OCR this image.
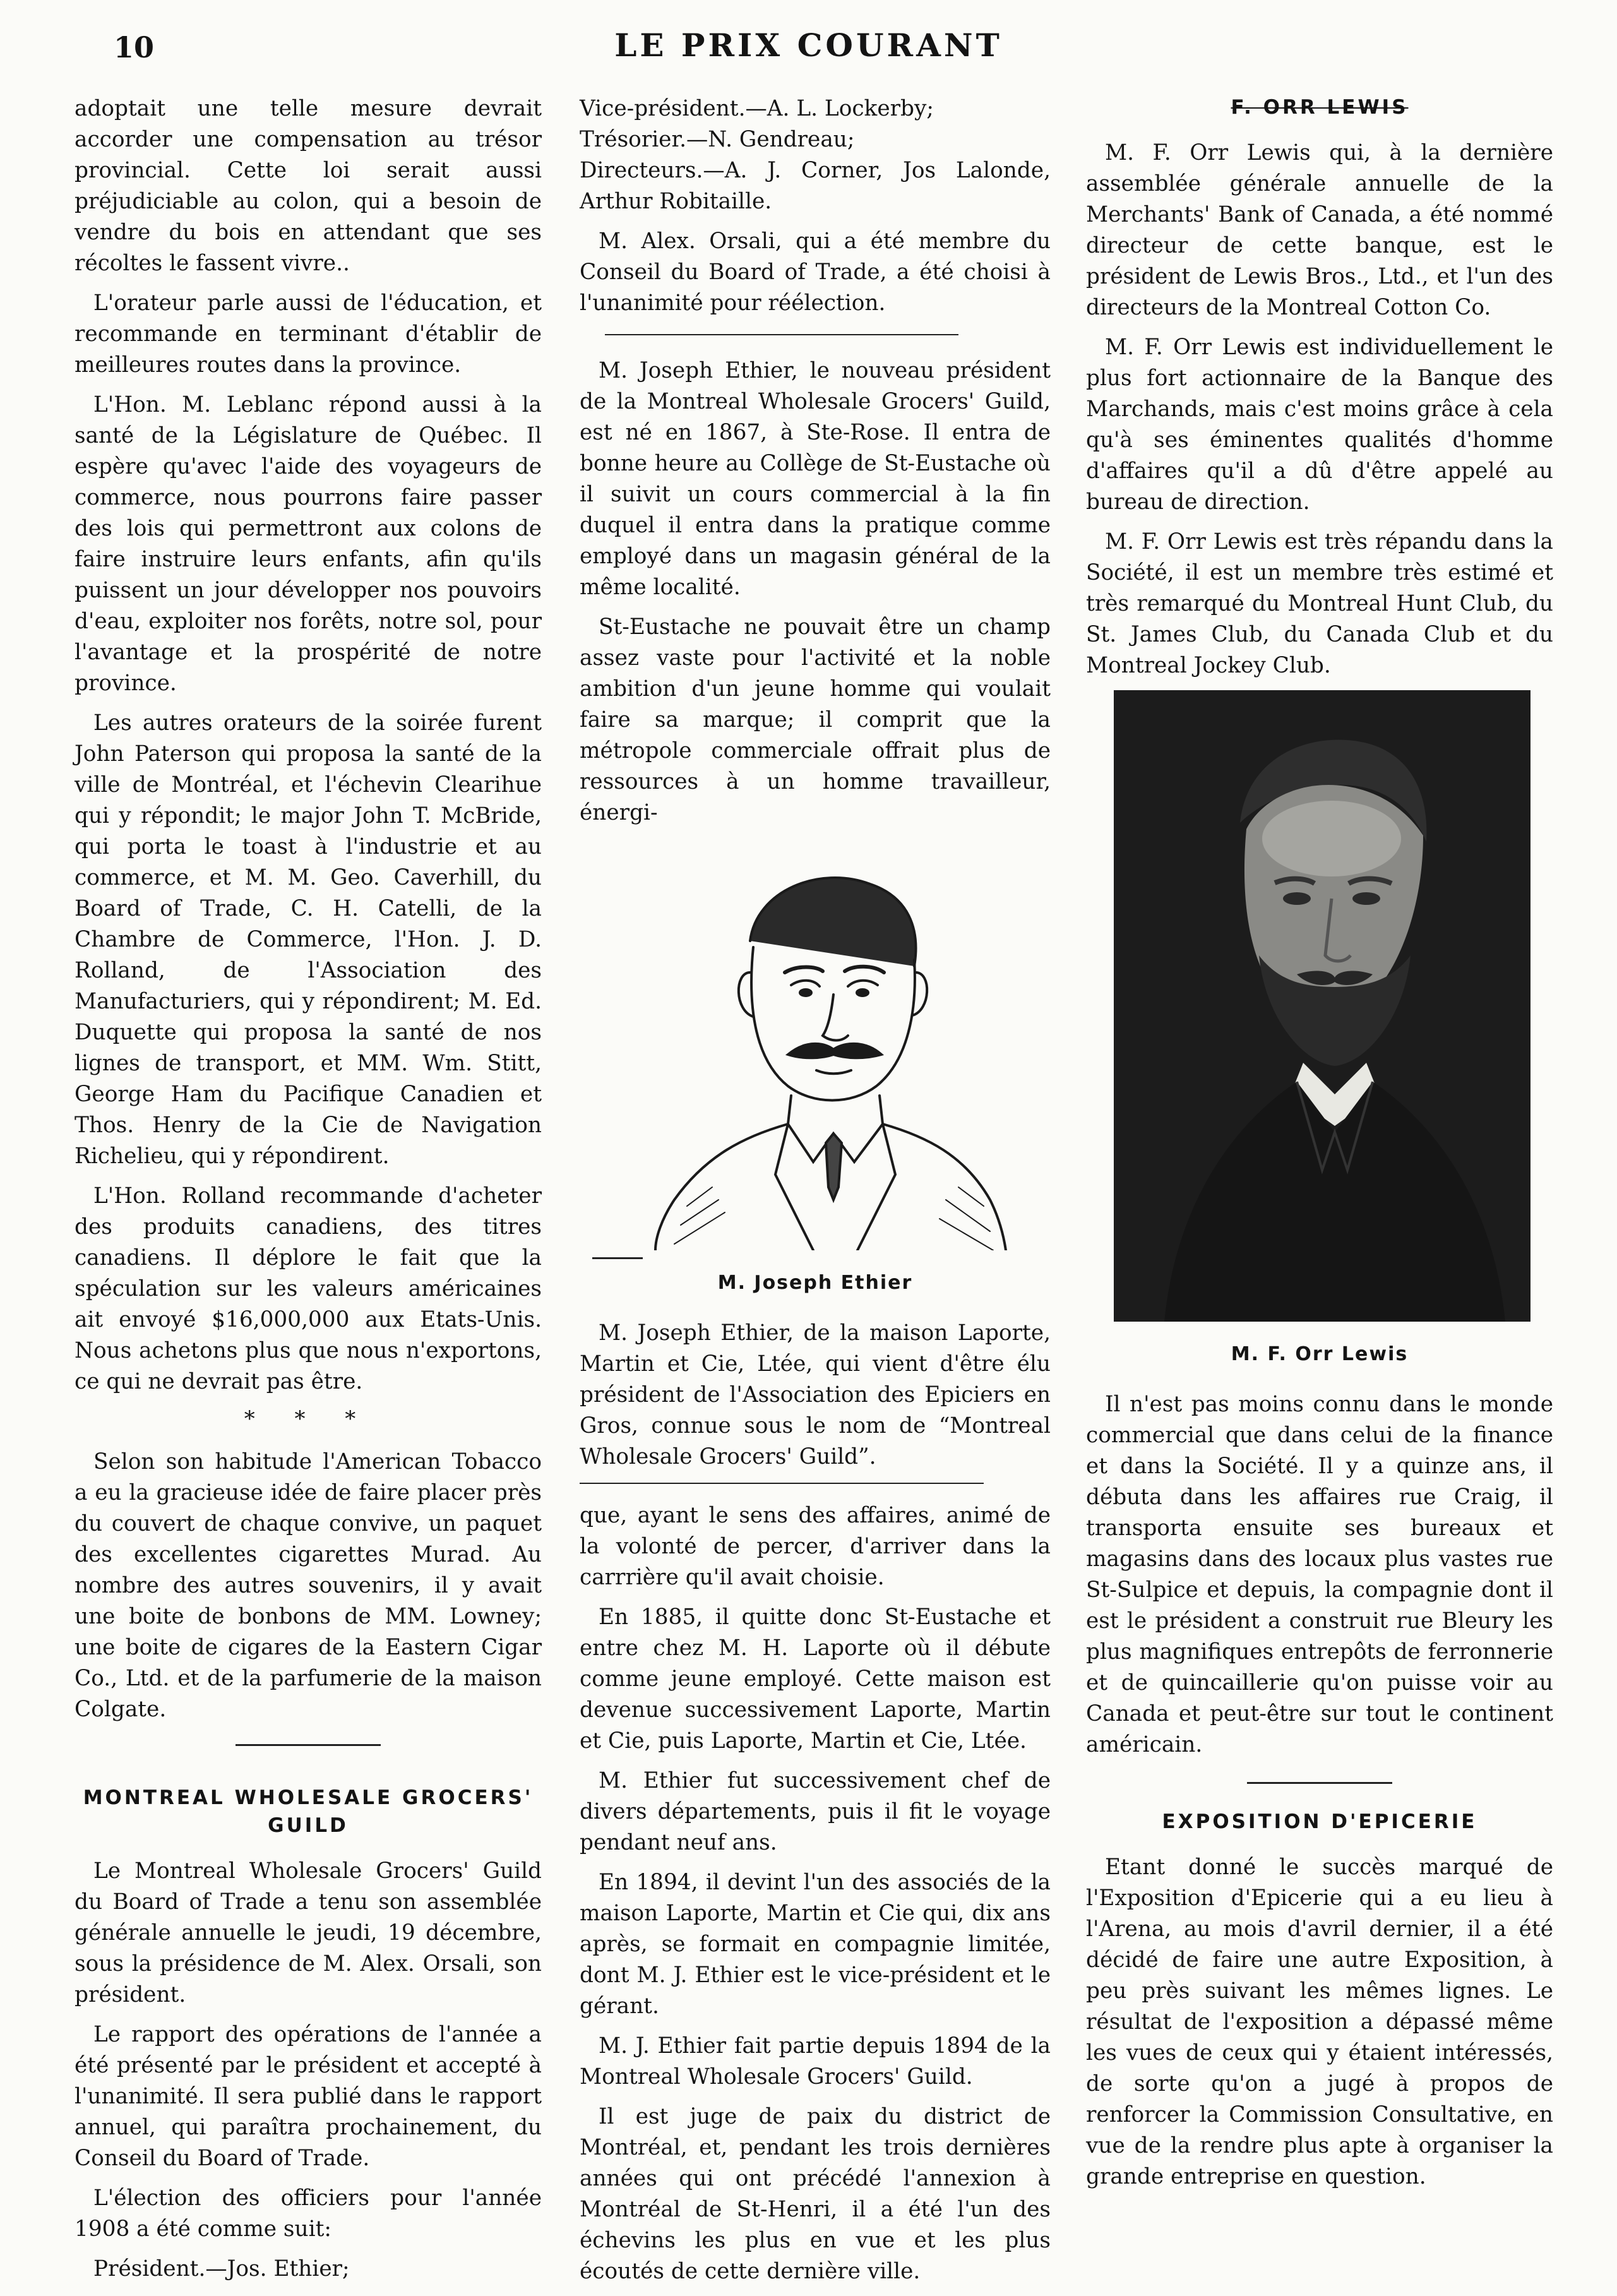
10	LE PRIX COURANT

adoptait une telle mesure devrait accorder une compensation au trésor provincial. Cette loi serait aussi préjudiciable au colon, qui a besoin de vendre du bois en attendant que ses récoltes le fassent vivre..

L'orateur parle aussi de l'éducation, et recommande en terminant d'établir de meilleures routes dans la province.

L'Hon. M. Leblanc répond aussi à la santé de la Législature de Québec. Il espère qu'avec l'aide des voyageurs de commerce, nous pourrons faire passer des lois qui permettront aux colons de faire instruire leurs enfants, afin qu'ils puissent un jour développer nos pouvoirs d'eau, exploiter nos forêts, notre sol, pour l'avantage et la prospérité de notre province.

Les autres orateurs de la soirée furent John Paterson qui proposa la santé de la ville de Montréal, et l'échevin Clearihue qui y répondit; le major John T. McBride, qui porta le toast à l'industrie et au commerce, et M. M. Geo. Caverhill, du Board of Trade, C. H. Catelli, de la Chambre de Commerce, l'Hon. J. D. Rolland, de l'Association des Manufacturiers, qui y répondirent; M. Ed. Duquette qui proposa la santé de nos lignes de transport, et MM. Wm. Stitt, George Ham du Pacifique Canadien et Thos. Henry de la Cie de Navigation Richelieu, qui y répondirent.

L'Hon. Rolland recommande d'acheter des produits canadiens, des titres canadiens. Il déplore le fait que la spéculation sur les valeurs américaines ait envoyé $16,000,000 aux Etats-Unis. Nous achetons plus que nous n'exportons, ce qui ne devrait pas être.

* * *

Selon son habitude l'American Tobacco a eu la gracieuse idée de faire placer près du couvert de chaque convive, un paquet des excellentes cigarettes Murad. Au nombre des autres souvenirs, il y avait une boite de bonbons de MM. Lowney; une boite de cigares de la Eastern Cigar Co., Ltd. et de la parfumerie de la maison Colgate.

MONTREAL WHOLESALE GROCERS' GUILD

Le Montreal Wholesale Grocers' Guild du Board of Trade a tenu son assemblée générale annuelle le jeudi, 19 décembre, sous la présidence de M. Alex. Orsali, son président.

Le rapport des opérations de l'année a été présenté par le président et accepté à l'unanimité. Il sera publié dans le rapport annuel, qui paraîtra prochainement, du Conseil du Board of Trade.

L'élection des officiers pour l'année 1908 a été comme suit:

Président.—Jos. Ethier;

Vice-président.—A. L. Lockerby;

Trésorier.—N. Gendreau;

Directeurs.—A. J. Corner, Jos Lalonde, Arthur Robitaille.

M. Alex. Orsali, qui a été membre du Conseil du Board of Trade, a été choisi à l'unanimité pour réélection.

M. Joseph Ethier, le nouveau président de la Montreal Wholesale Grocers' Guild, est né en 1867, à Ste-Rose. Il entra de bonne heure au Collège de St-Eustache où il suivit un cours commercial à la fin duquel il entra dans la pratique comme employé dans un magasin général de la même localité.

St-Eustache ne pouvait être un champ assez vaste pour l'activité et la noble ambition d'un jeune homme qui voulait faire sa marque; il comprit que la métropole commerciale offrait plus de ressources à un homme travailleur, énergi-

M. Joseph Ethier

M. Joseph Ethier, de la maison Laporte, Martin et Cie, Ltée, qui vient d'être élu président de l'Association des Epiciers en Gros, connue sous le nom de “Montreal Wholesale Grocers' Guild”.

que, ayant le sens des affaires, animé de la volonté de percer, d'arriver dans la carrrière qu'il avait choisie.

En 1885, il quitte donc St-Eustache et entre chez M. H. Laporte où il débute comme jeune employé. Cette maison est devenue successivement Laporte, Martin et Cie, puis Laporte, Martin et Cie, Ltée.

M. Ethier fut successivement chef de divers départements, puis il fit le voyage pendant neuf ans.

En 1894, il devint l'un des associés de la maison Laporte, Martin et Cie qui, dix ans après, se formait en compagnie limitée, dont M. J. Ethier est le vice-président et le gérant.

M. J. Ethier fait partie depuis 1894 de la Montreal Wholesale Grocers' Guild.

Il est juge de paix du district de Montréal, et, pendant les trois dernières années qui ont précédé l'annexion à Montréal de St-Henri, il a été l'un des échevins les plus en vue et les plus écoutés de cette dernière ville.

F. ORR LEWIS

M. F. Orr Lewis qui, à la dernière assemblée générale annuelle de la Merchants' Bank of Canada, a été nommé directeur de cette banque, est le président de Lewis Bros., Ltd., et l'un des directeurs de la Montreal Cotton Co.

M. F. Orr Lewis est individuellement le plus fort actionnaire de la Banque des Marchands, mais c'est moins grâce à cela qu'à ses éminentes qualités d'homme d'affaires qu'il a dû d'être appelé au bureau de direction.

M. F. Orr Lewis est très répandu dans la Société, il est un membre très estimé et très remarqué du Montreal Hunt Club, du St. James Club, du Canada Club et du Montreal Jockey Club.

M. F. Orr Lewis

Il n'est pas moins connu dans le monde commercial que dans celui de la finance et dans la Société. Il y a quinze ans, il débuta dans les affaires rue Craig, il transporta ensuite ses bureaux et magasins dans des locaux plus vastes rue St-Sulpice et depuis, la compagnie dont il est le président a construit rue Bleury les plus magnifiques entrepôts de ferronnerie et de quincaillerie qu'on puisse voir au Canada et peut-être sur tout le continent américain.

EXPOSITION D'EPICERIE

Etant donné le succès marqué de l'Exposition d'Epicerie qui a eu lieu à l'Arena, au mois d'avril dernier, il a été décidé de faire une autre Exposition, à peu près suivant les mêmes lignes. Le résultat de l'exposition a dépassé même les vues de ceux qui y étaient intéressés, de sorte qu'on a jugé à propos de renforcer la Commission Consultative, en vue de la rendre plus apte à organiser la grande entreprise en question.
